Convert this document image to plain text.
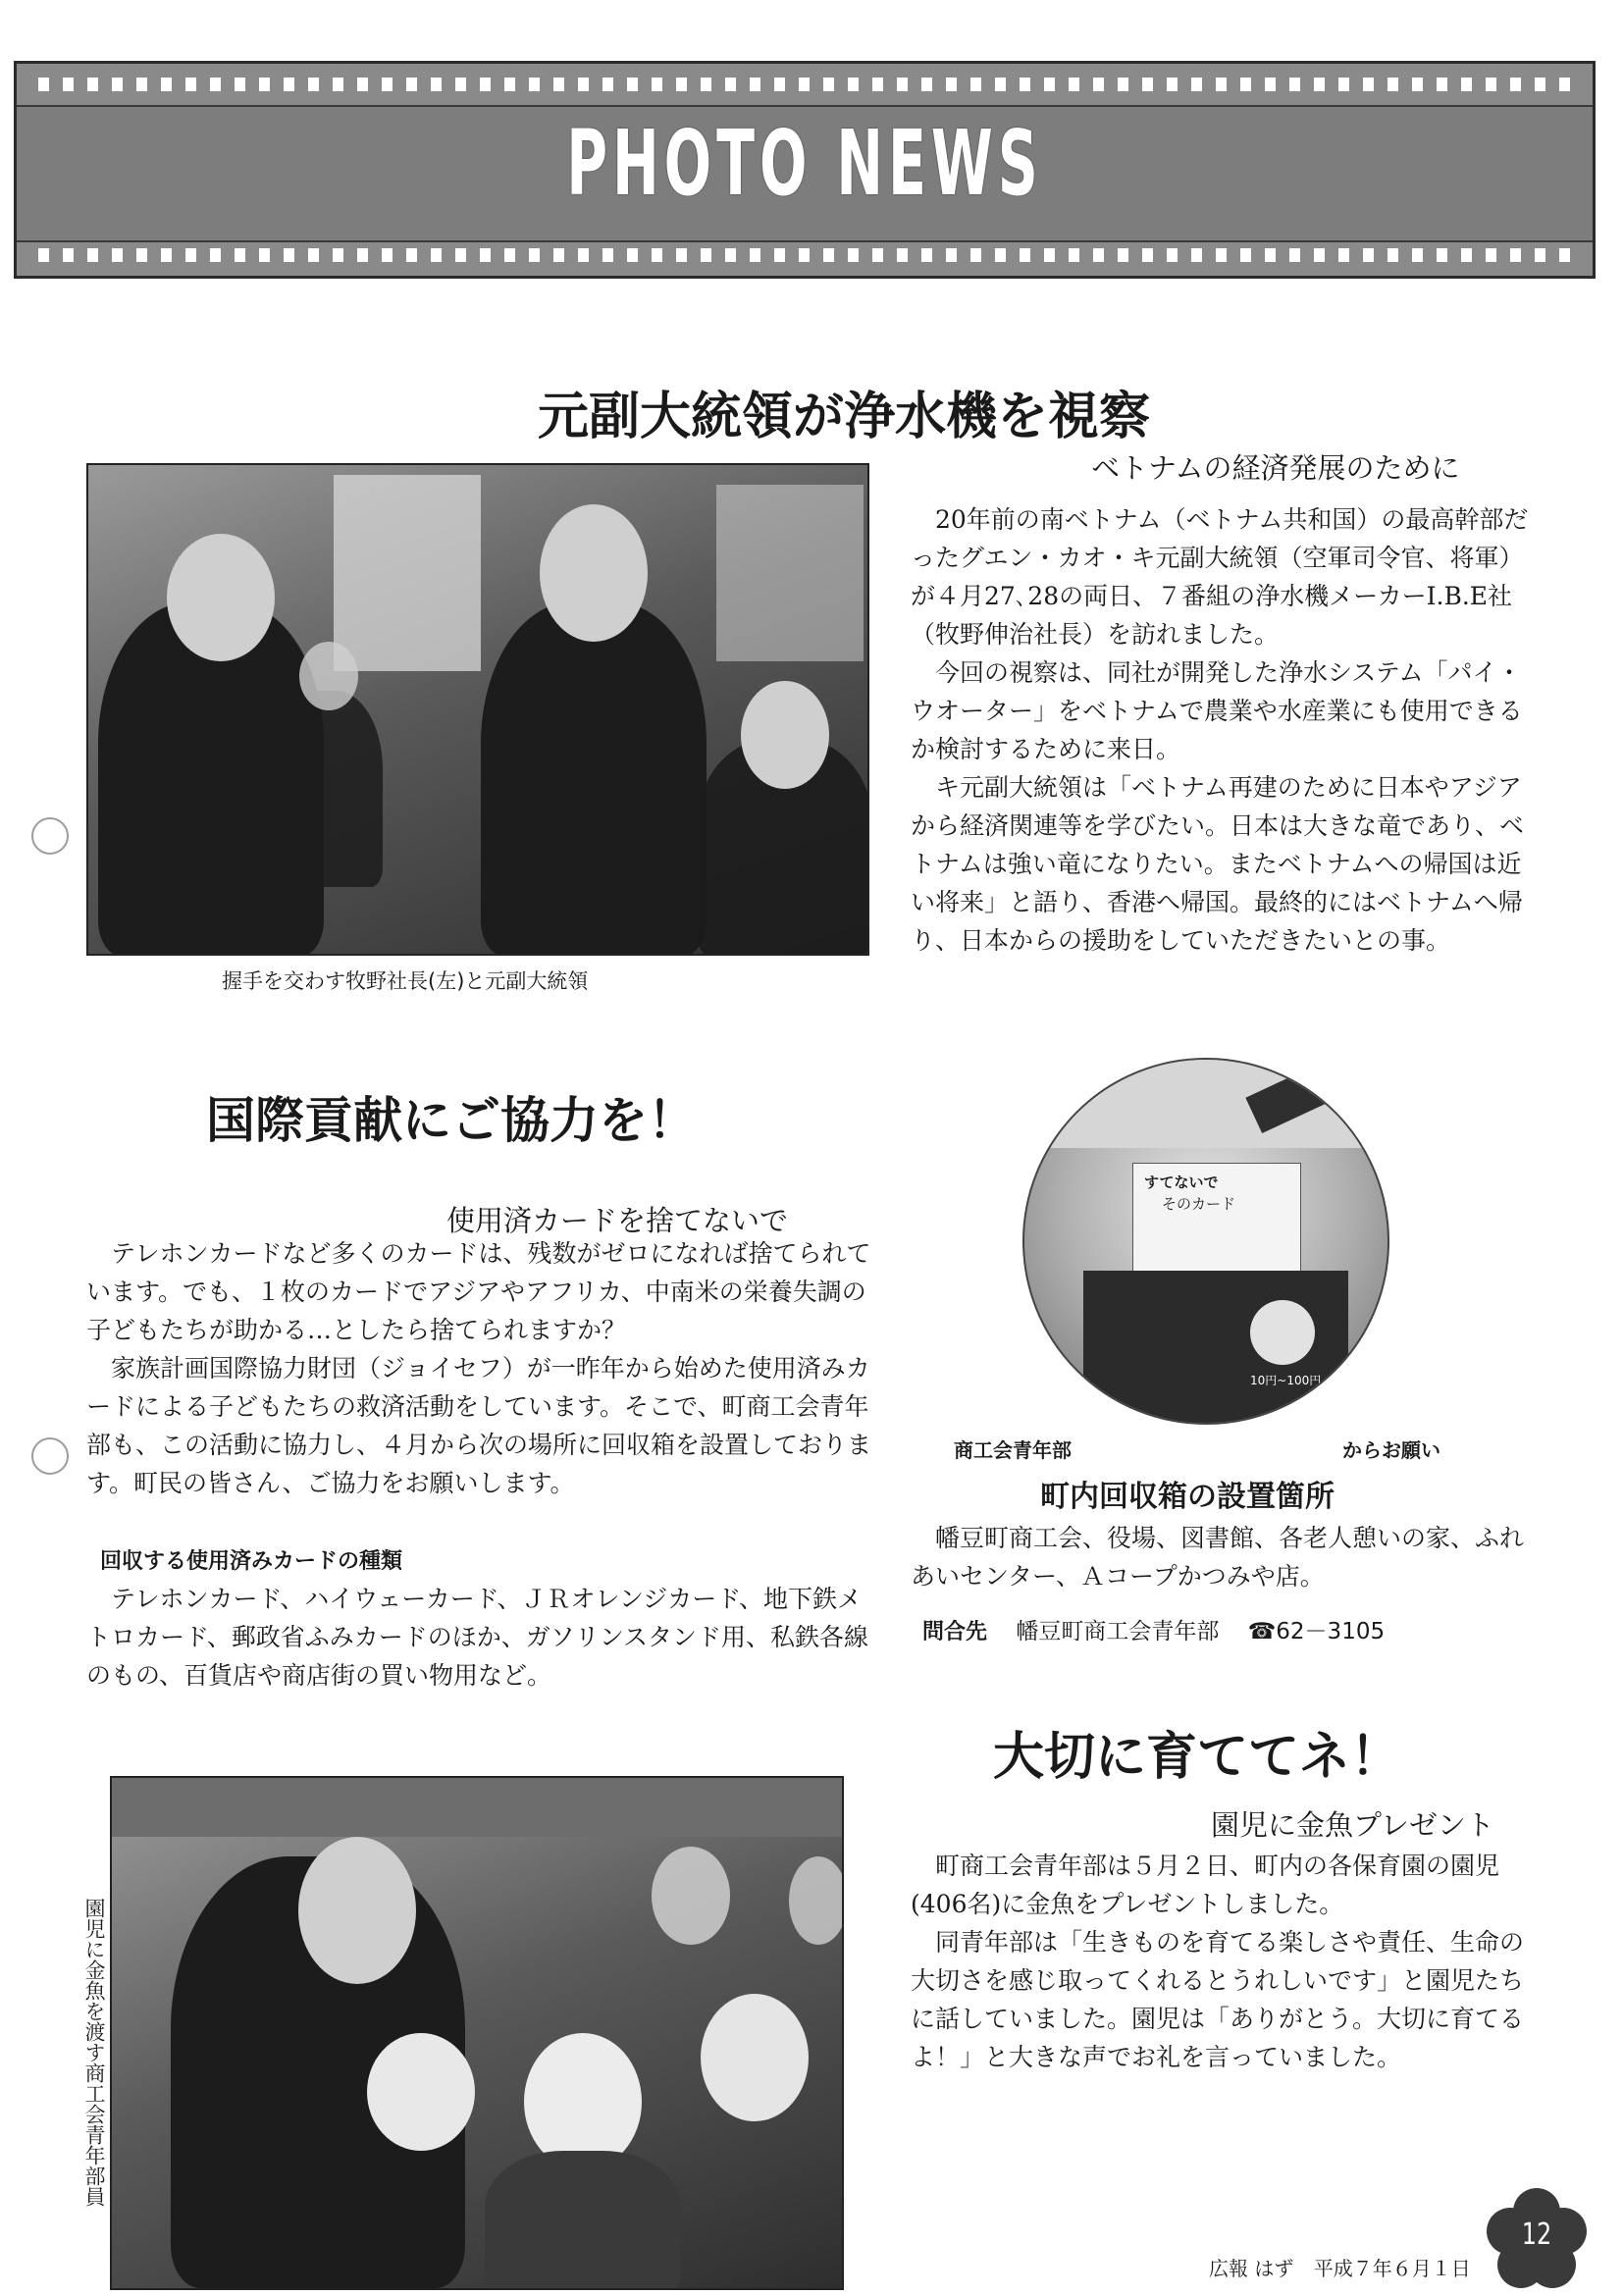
PHOTO NEWS
元副大統領が浄水機を視察
ベトナムの経済発展のために
握手を交わす牧野社長(左)と元副大統領

20年前の南ベトナム（ベトナム共和国）の最高幹部だったグエン・カオ・キ元副大統領（空軍司令官、将軍）が４月27､28の両日、７番組の浄水機メーカーI.B.E社（牧野伸治社長）を訪れました。

今回の視察は、同社が開発した浄水システム「パイ・ウオーター」をベトナムで農業や水産業にも使用できるか検討するために来日。

キ元副大統領は「ベトナム再建のために日本やアジアから経済関連等を学びたい。日本は大きな竜であり、ベトナムは強い竜になりたい。またベトナムへの帰国は近い将来」と語り、香港へ帰国。最終的にはベトナムへ帰り、日本からの援助をしていただきたいとの事。

国際貢献にご協力を！
使用済カードを捨てないで

テレホンカードなど多くのカードは、残数がゼロになれば捨てられています。でも、１枚のカードでアジアやアフリカ、中南米の栄養失調の子どもたちが助かる…としたら捨てられますか？

家族計画国際協力財団（ジョイセフ）が一昨年から始めた使用済みカードによる子どもたちの救済活動をしています。そこで、町商工会青年部も、この活動に協力し、４月から次の場所に回収箱を設置しております。町民の皆さん、ご協力をお願いします。

回収する使用済みカードの種類

テレホンカード、ハイウェーカード、ＪＲオレンジカード、地下鉄メトロカード、郵政省ふみカードのほか、ガソリンスタンド用、私鉄各線のもの、百貨店や商店街の買い物用など。

すてないで
そのカード
10円~100円
商工会青年部	からお願い
町内回収箱の設置箇所

幡豆町商工会、役場、図書館、各老人憩いの家、ふれあいセンター、Ａコープかつみや店。

問合先 幡豆町商工会青年部 ☎62－3105
大切に育ててネ！
園児に金魚プレゼント

町商工会青年部は５月２日、町内の各保育園の園児(406名)に金魚をプレゼントしました。

同青年部は「生きものを育てる楽しさや責任、生命の大切さを感じ取ってくれるとうれしいです」と園児たちに話していました。園児は「ありがとう。大切に育てるよ！」と大きな声でお礼を言っていました。

園児に金魚を渡す商工会青年部員
広報 はず 平成７年６月１日
12
